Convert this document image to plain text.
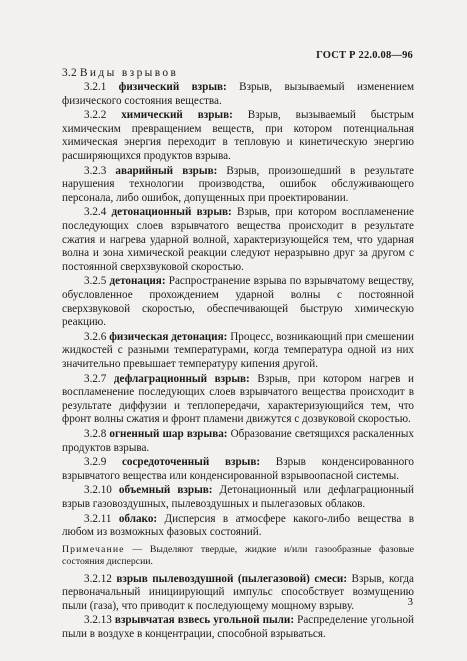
ГОСТ Р 22.0.08—96
3.2 Виды взрывов

3.2.1 физический взрыв: Взрыв, вызываемый изменением физического состояния вещества.

3.2.2 химический взрыв: Взрыв, вызываемый быстрым химическим превращением веществ, при котором потенциальная химическая энергия переходит в тепловую и кинетическую энергию расширяющихся продуктов взрыва.

3.2.3 аварийный взрыв: Взрыв, произошедший в результате нарушения технологии производства, ошибок обслуживающего персонала, либо ошибок, допущенных при проектировании.

3.2.4 детонационный взрыв: Взрыв, при котором воспламенение последующих слоев взрывчатого вещества происходит в результате сжатия и нагрева ударной волной, характеризующейся тем, что ударная волна и зона химической реакции следуют неразрывно друг за другом с постоянной сверхзвуковой скоростью.

3.2.5 детонация: Распространение взрыва по взрывчатому веществу, обусловленное прохождением ударной волны с постоянной сверхзвуковой скоростью, обеспечивающей быструю химическую реакцию.

3.2.6 физическая детонация: Процесс, возникающий при смешении жидкостей с разными температурами, когда температура одной из них значительно превышает температуру кипения другой.

3.2.7 дефлаграционный взрыв: Взрыв, при котором нагрев и воспламенение последующих слоев взрывчатого вещества происходит в результате диффузии и теплопередачи, характеризующийся тем, что фронт волны сжатия и фронт пламени движутся с дозвуковой скоростью.

3.2.8 огненный шар взрыва: Образование светящихся раскаленных продуктов взрыва.

3.2.9 сосредоточенный взрыв: Взрыв конденсированного взрывчатого вещества или конденсированной взрывоопасной системы.

3.2.10 объемный взрыв: Детонационный или дефлаграционный взрыв газовоздушных, пылевоздушных и пылегазовых облаков.

3.2.11 облако: Дисперсия в атмосфере какого-либо вещества в любом из возможных фазовых состояний.

Примечание — Выделяют твердые, жидкие и/или газообразные фазовые состояния дисперсии.

3.2.12 взрыв пылевоздушной (пылегазовой) смеси: Взрыв, когда первоначальный инициирующий импульс способствует возмущению пыли (газа), что приводит к последующему мощному взрыву.

3.2.13 взрывчатая взвесь угольной пыли: Распределение угольной пыли в воздухе в концентрации, способной взрываться.

3
